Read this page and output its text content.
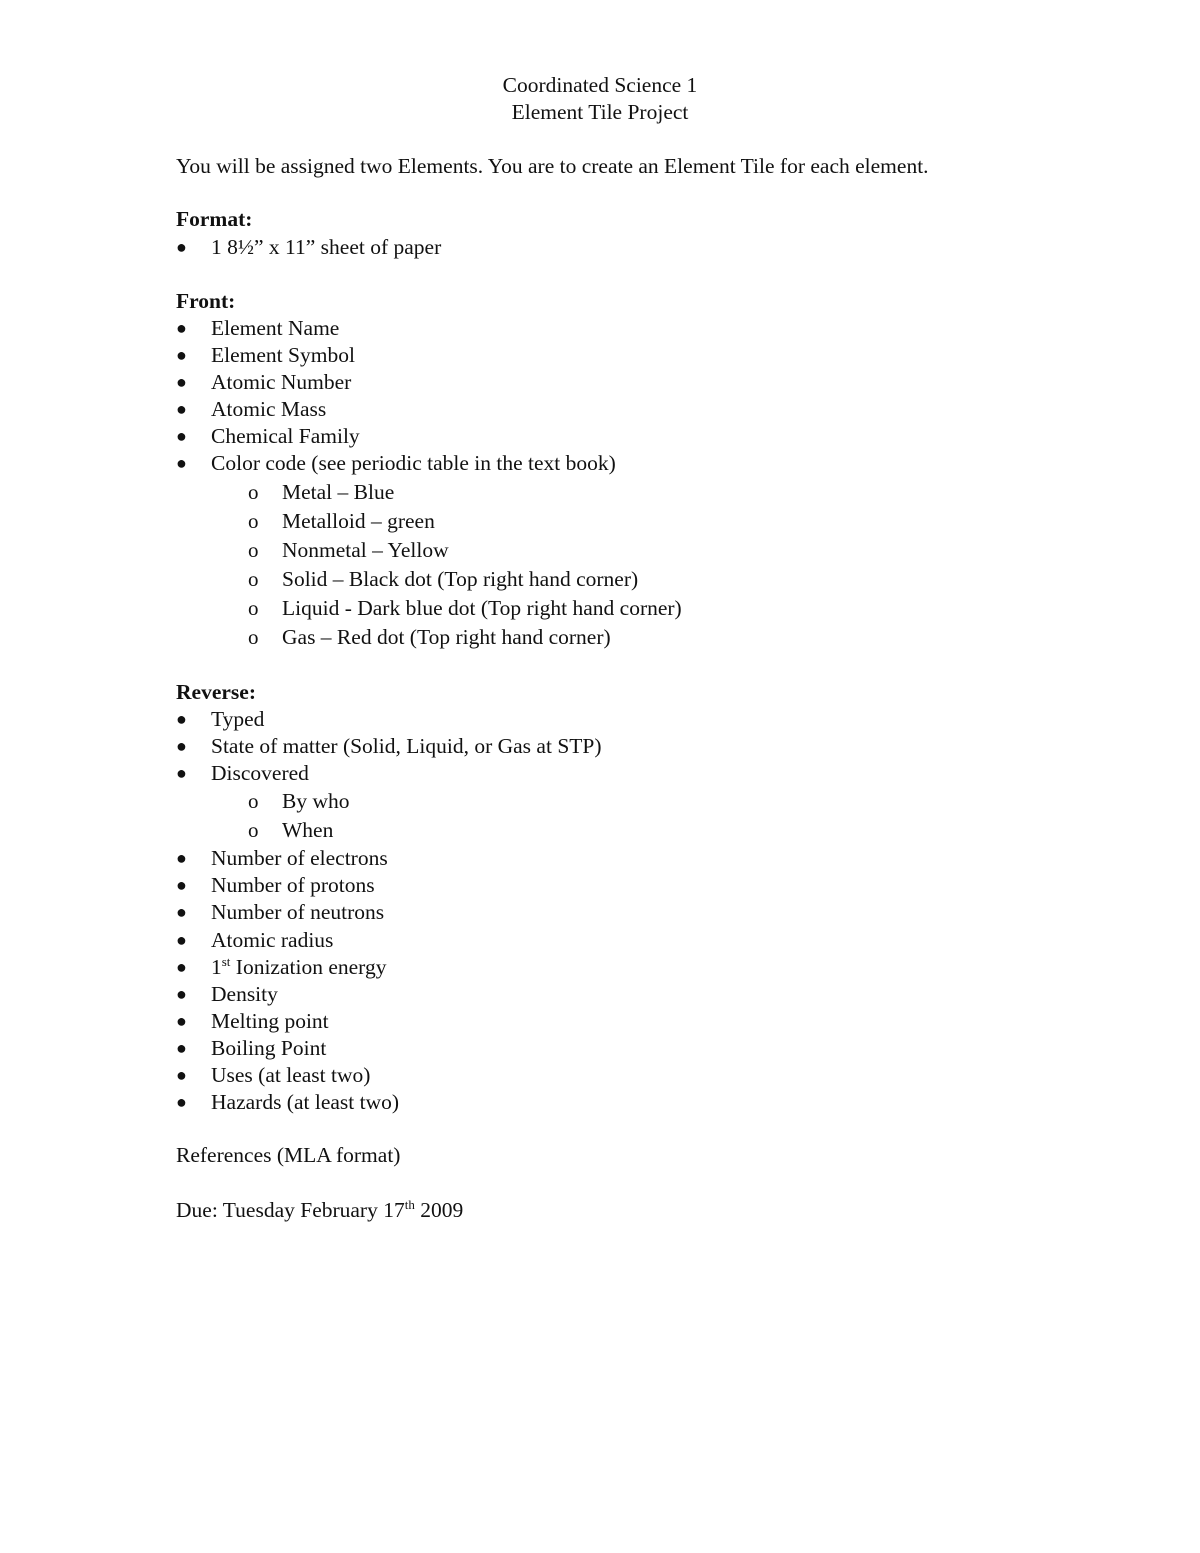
Coordinated Science 1
Element Tile Project
You will be assigned two Elements. You are to create an Element Tile for each element.
Format:
●	1 8½” x 11” sheet of paper
Front:
●	Element Name
●	Element Symbol
●	Atomic Number
●	Atomic Mass
●	Chemical Family
●	Color code (see periodic table in the text book)
o	Metal – Blue
o	Metalloid – green
o	Nonmetal – Yellow
o	Solid – Black dot (Top right hand corner)
o	Liquid - Dark blue dot (Top right hand corner)
o	Gas – Red dot (Top right hand corner)
Reverse:
●	Typed
●	State of matter (Solid, Liquid, or Gas at STP)
●	Discovered
o	By who
o	When
●	Number of electrons
●	Number of protons
●	Number of neutrons
●	Atomic radius
●	1st Ionization energy
●	Density
●	Melting point
●	Boiling Point
●	Uses (at least two)
●	Hazards (at least two)
References (MLA format)
Due: Tuesday February 17th 2009
